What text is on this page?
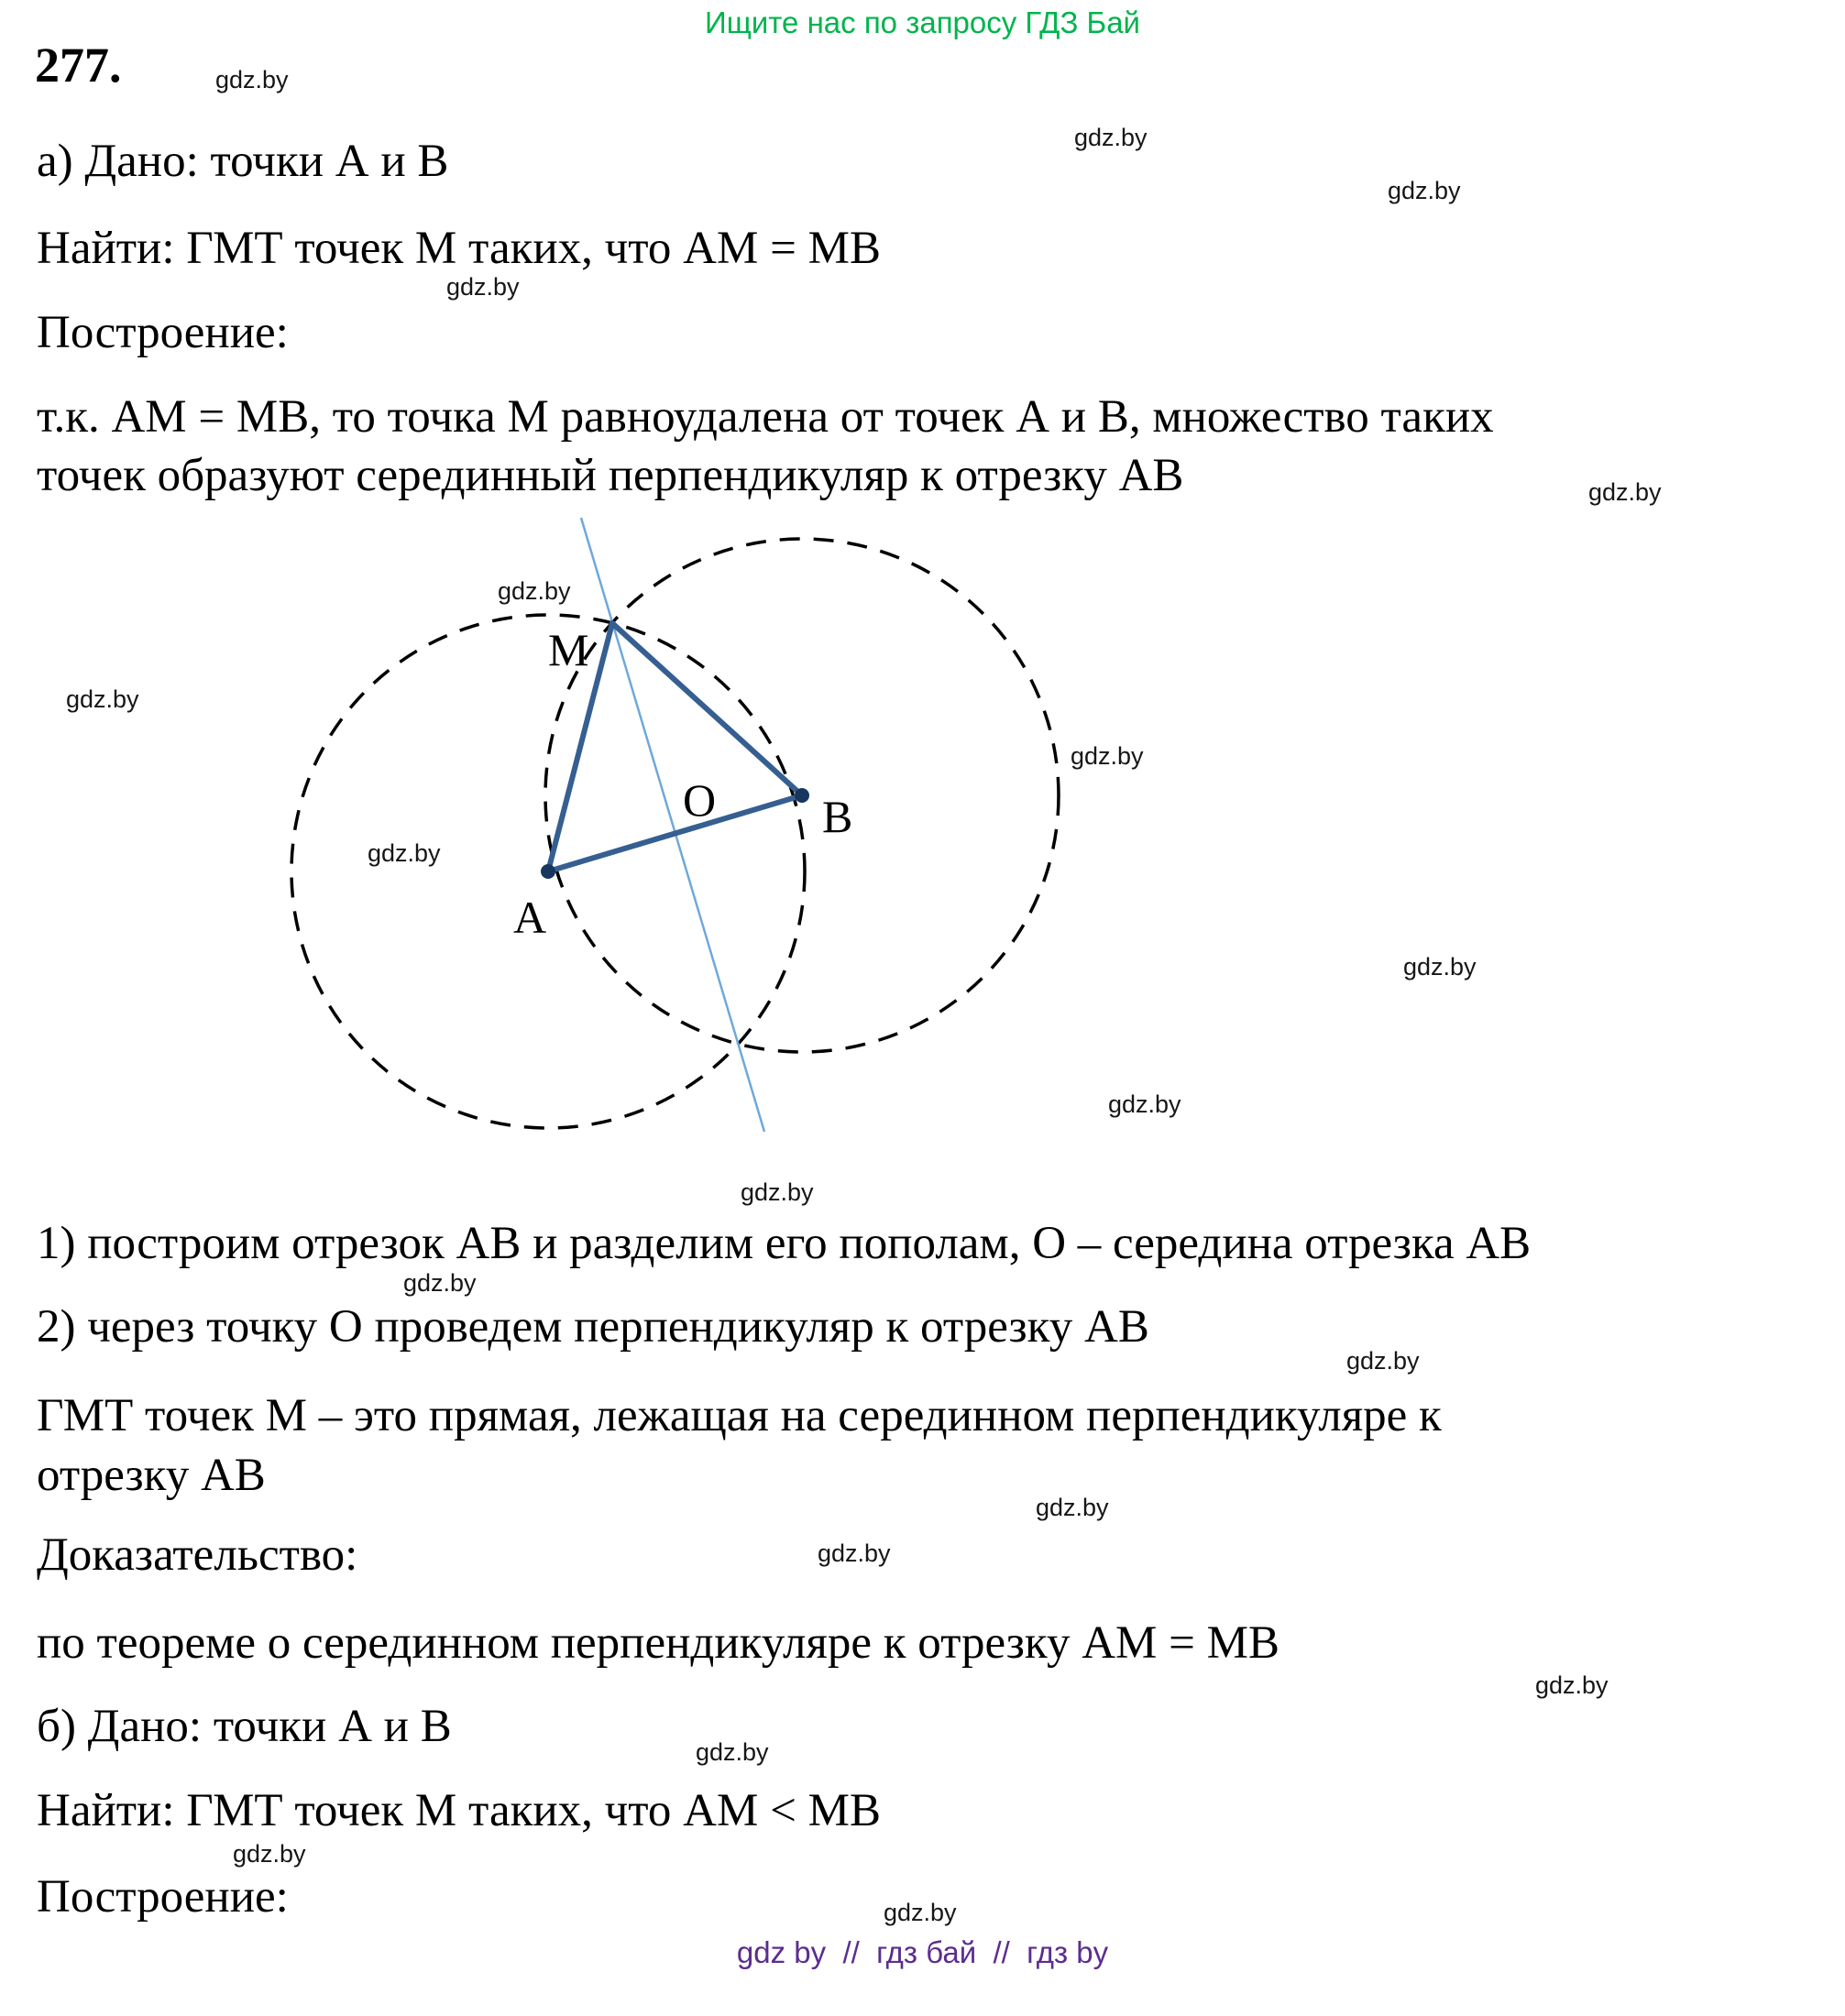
Ищите нас по запросу ГДЗ Бай
277.
а) Дано: точки А и В
Найти: ГМТ точек М таких, что АМ = МВ
Построение:
т.к. АМ = МВ, то точка М равноудалена от точек А и В, множество таких
точек образуют серединный перпендикуляр к отрезку АВ
М
А
В
О
1) построим отрезок АВ и разделим его пополам, О – середина отрезка АВ
2) через точку О проведем перпендикуляр к отрезку АВ
ГМТ точек М – это прямая, лежащая на серединном перпендикуляре к
отрезку АВ
Доказательство:
по теореме о серединном перпендикуляре к отрезку АМ = МВ
б) Дано: точки А и В
Найти: ГМТ точек М таких, что АМ < МВ
Построение:
gdz.by
gdz.by
gdz.by
gdz.by
gdz.by
gdz.by
gdz.by
gdz.by
gdz.by
gdz.by
gdz.by
gdz.by
gdz.by
gdz.by
gdz.by
gdz.by
gdz.by
gdz.by
gdz.by
gdz.by
gdz by  //  гдз бай  //  гдз by
